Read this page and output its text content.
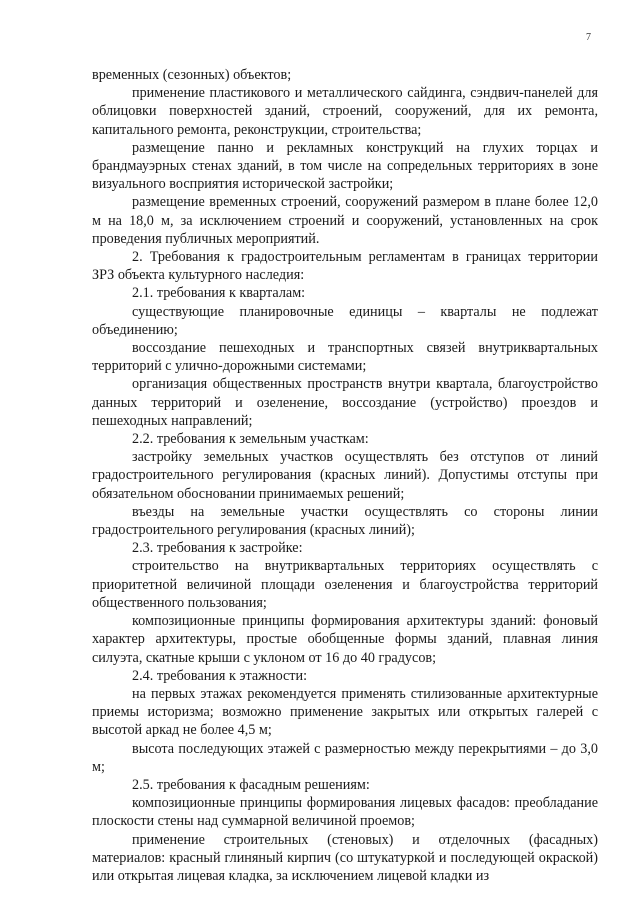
7

временных (сезонных) объектов;

применение пластикового и металлического сайдинга, сэндвич-панелей для облицовки поверхностей зданий, строений, сооружений, для их ремонта, капитального ремонта, реконструкции, строительства;

размещение панно и рекламных конструкций на глухих торцах и брандмауэрных стенах зданий, в том числе на сопредельных территориях в зоне визуального восприятия исторической застройки;

размещение временных строений, сооружений размером в плане более 12,0 м на 18,0 м, за исключением строений и сооружений, установленных на срок проведения публичных мероприятий.

2. Требования к градостроительным регламентам в границах территории ЗРЗ объекта культурного наследия:

2.1. требования к кварталам:

существующие планировочные единицы – кварталы не подлежат объединению;

воссоздание пешеходных и транспортных связей внутриквартальных территорий с улично-дорожными системами;

организация общественных пространств внутри квартала, благоустройство данных территорий и озеленение, воссоздание (устройство) проездов и пешеходных направлений;

2.2. требования к земельным участкам:

застройку земельных участков осуществлять без отступов от линий градостроительного регулирования (красных линий). Допустимы отступы при обязательном обосновании принимаемых решений;

въезды на земельные участки осуществлять со стороны линии градостроительного регулирования (красных линий);

2.3. требования к застройке:

строительство на внутриквартальных территориях осуществлять с приоритетной величиной площади озеленения и благоустройства территорий общественного пользования;

композиционные принципы формирования архитектуры зданий: фоновый характер архитектуры, простые обобщенные формы зданий, плавная линия силуэта, скатные крыши с уклоном от 16 до 40 градусов;

2.4. требования к этажности:

на первых этажах рекомендуется применять стилизованные архитектурные приемы историзма; возможно применение закрытых или открытых галерей с высотой аркад не более 4,5 м;

высота последующих этажей с размерностью между перекрытиями – до 3,0 м;

2.5. требования к фасадным решениям:

композиционные принципы формирования лицевых фасадов: преобладание плоскости стены над суммарной величиной проемов;

применение строительных (стеновых) и отделочных (фасадных) материалов: красный глиняный кирпич (со штукатуркой и последующей окраской) или открытая лицевая кладка, за исключением лицевой кладки из
